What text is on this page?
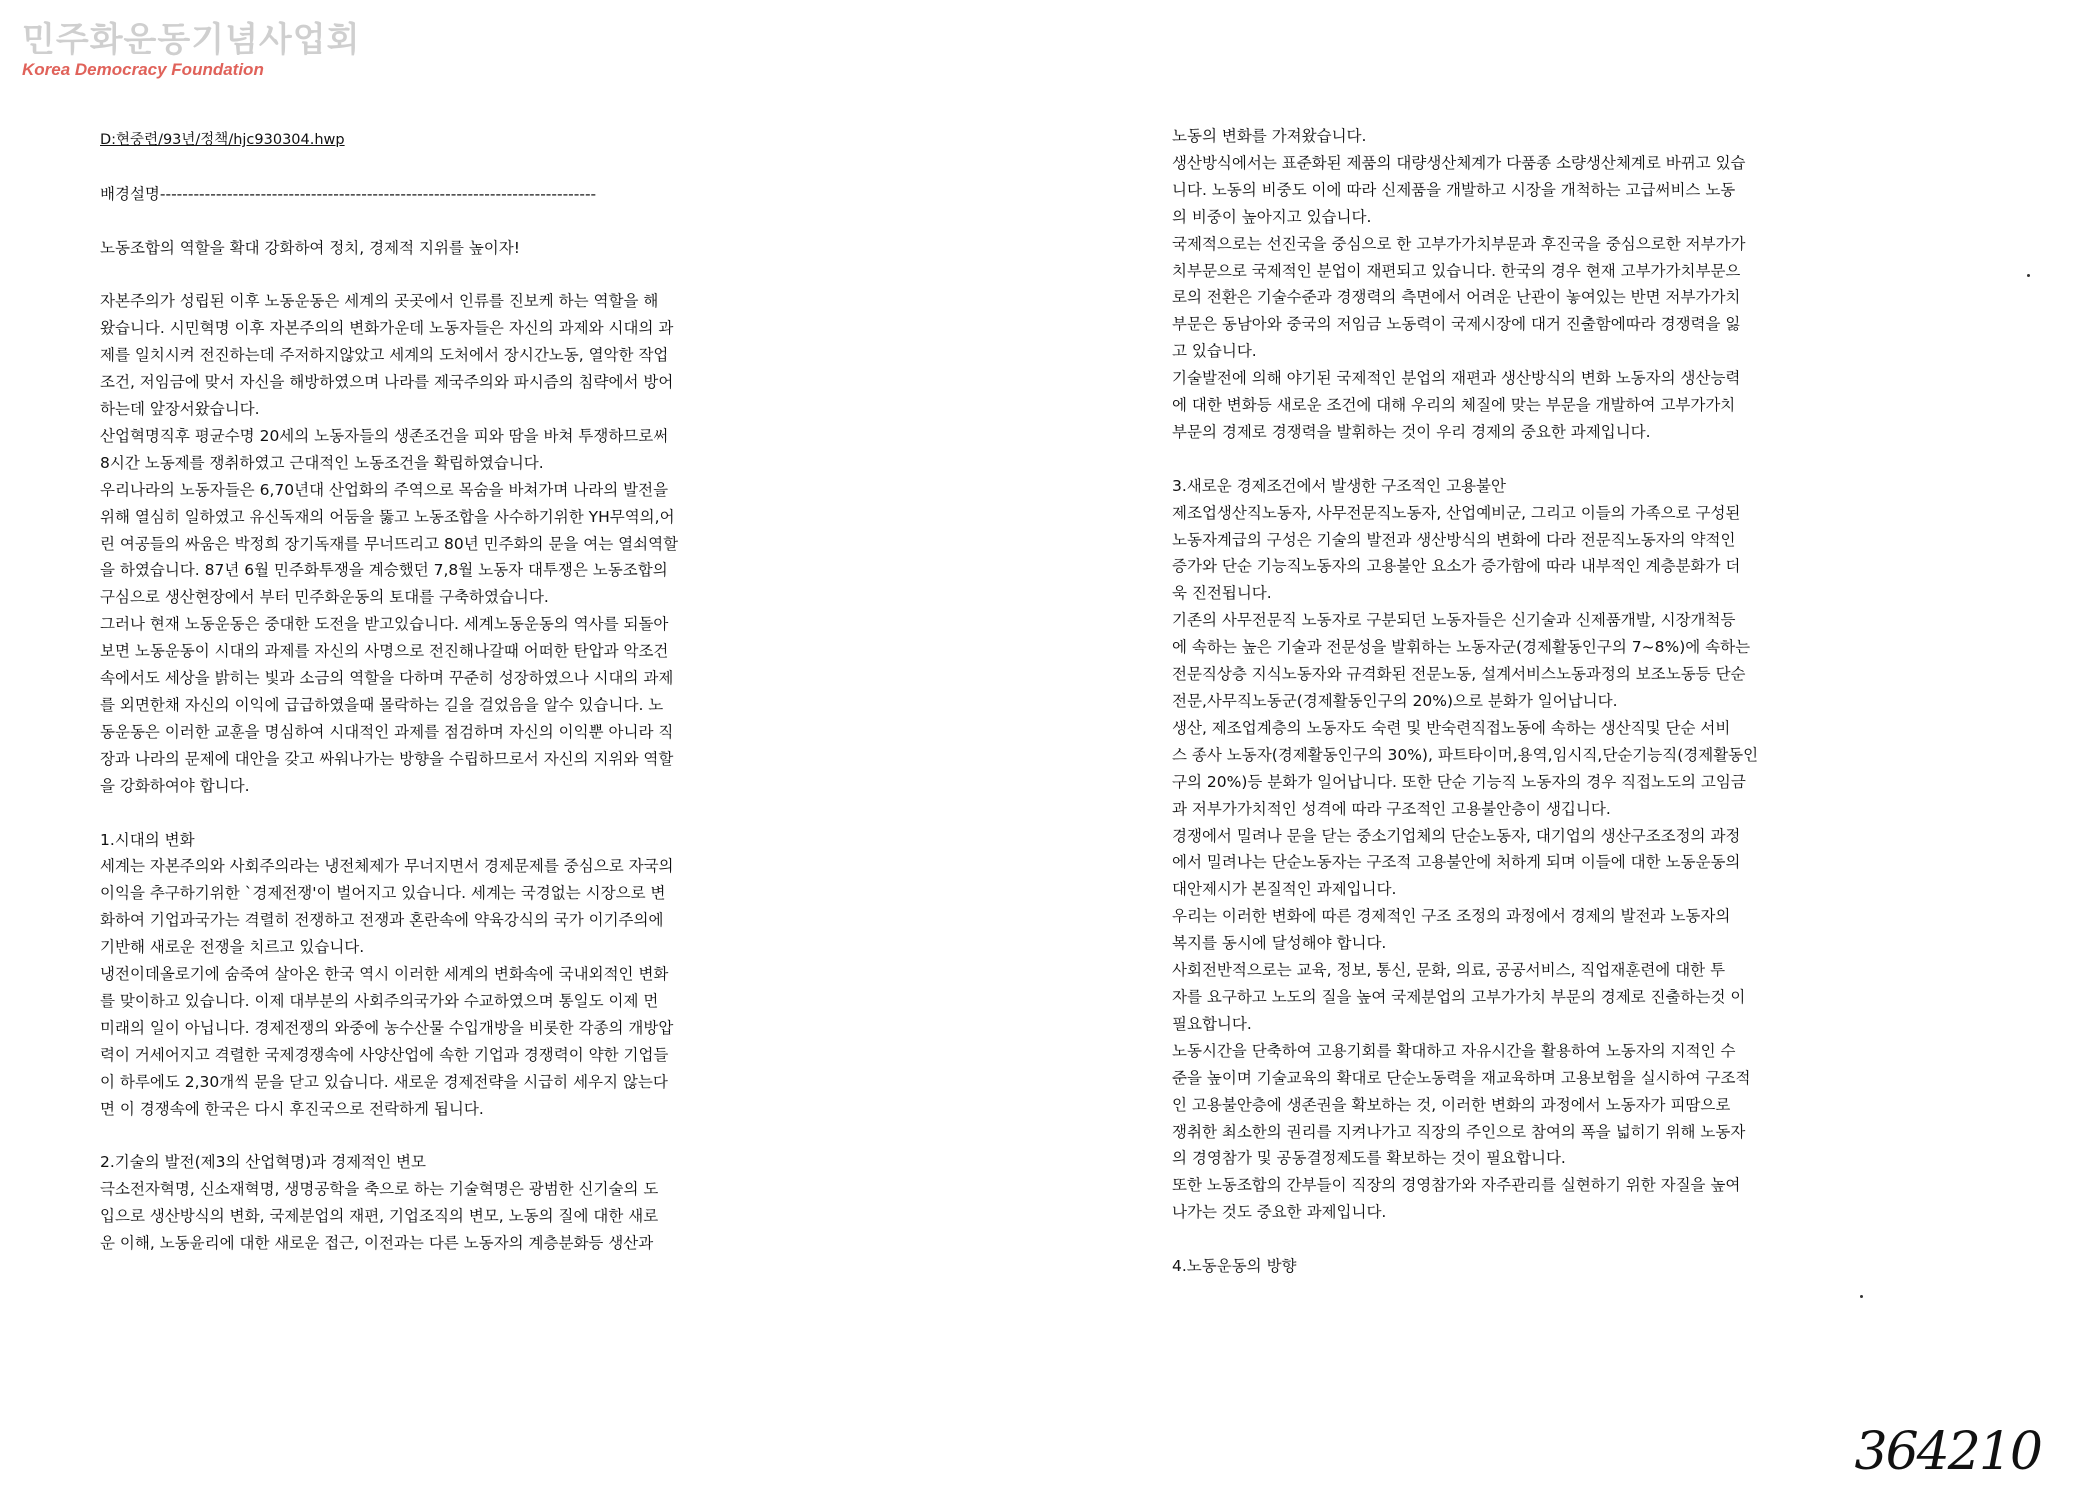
민주화운동기념사업회
Korea Democracy Foundation

D:현중련/93년/정책/hjc930304.hwp

배경설명------------------------------------------------------------------------------

노동조합의 역할을 확대 강화하여 정치, 경제적 지위를 높이자!

자본주의가 성립된 이후 노동운동은 세계의 곳곳에서 인류를 진보케 하는 역할을 해

왔습니다. 시민혁명 이후 자본주의의 변화가운데 노동자들은 자신의 과제와 시대의 과

제를 일치시켜 전진하는데 주저하지않았고 세계의 도처에서 장시간노동, 열악한 작업

조건, 저임금에 맞서 자신을 해방하였으며 나라를 제국주의와 파시즘의 침략에서 방어

하는데 앞장서왔습니다.

산업혁명직후 평균수명 20세의 노동자들의 생존조건을 피와 땀을 바쳐 투쟁하므로써

8시간 노동제를 쟁취하였고 근대적인 노동조건을 확립하였습니다.

우리나라의 노동자들은 6,70년대 산업화의 주역으로 목숨을 바쳐가며 나라의 발전을

위해 열심히 일하였고 유신독재의 어둠을 뚫고 노동조합을 사수하기위한 YH무역의,어

린 여공들의 싸움은 박정희 장기독재를 무너뜨리고 80년 민주화의 문을 여는 열쇠역할

을 하였습니다. 87년 6월 민주화투쟁을 계승했던 7,8월 노동자 대투쟁은 노동조합의

구심으로 생산현장에서 부터 민주화운동의 토대를 구축하였습니다.

그러나 현재 노동운동은 중대한 도전을 받고있습니다. 세계노동운동의 역사를 되돌아

보면 노동운동이 시대의 과제를 자신의 사명으로 전진해나갈때 어떠한 탄압과 악조건

속에서도 세상을 밝히는 빛과 소금의 역할을 다하며 꾸준히 성장하였으나 시대의 과제

를 외면한채 자신의 이익에 급급하였을때 몰락하는 길을 걸었음을 알수 있습니다. 노

동운동은 이러한 교훈을 명심하여 시대적인 과제를 점검하며 자신의 이익뿐 아니라 직

장과 나라의 문제에 대안을 갖고 싸워나가는 방향을 수립하므로서 자신의 지위와 역할

을 강화하여야 합니다.

1.시대의 변화

세계는 자본주의와 사회주의라는 냉전체제가 무너지면서 경제문제를 중심으로 자국의

이익을 추구하기위한 `경제전쟁'이 벌어지고 있습니다. 세계는 국경없는 시장으로 변

화하여 기업과국가는 격렬히 전쟁하고 전쟁과 혼란속에 약육강식의 국가 이기주의에

기반해 새로운 전쟁을 치르고 있습니다.

냉전이데올로기에 숨죽여 살아온 한국 역시 이러한 세계의 변화속에 국내외적인 변화

를 맞이하고 있습니다. 이제 대부분의 사회주의국가와 수교하였으며 통일도 이제 먼

미래의 일이 아닙니다. 경제전쟁의 와중에 농수산물 수입개방을 비롯한 각종의 개방압

력이 거세어지고 격렬한 국제경쟁속에 사양산업에 속한 기업과 경쟁력이 약한 기업들

이 하루에도 2,30개씩 문을 닫고 있습니다. 새로운 경제전략을 시급히 세우지 않는다

면 이 경쟁속에 한국은 다시 후진국으로 전락하게 됩니다.

2.기술의 발전(제3의 산업혁명)과 경제적인 변모

극소전자혁명, 신소재혁명, 생명공학을 축으로 하는 기술혁명은 광범한 신기술의 도

입으로 생산방식의 변화, 국제분업의 재편, 기업조직의 변모, 노동의 질에 대한 새로

운 이해, 노동윤리에 대한 새로운 접근, 이전과는 다른 노동자의 계층분화등 생산과

노동의 변화를 가져왔습니다.

생산방식에서는 표준화된 제품의 대량생산체계가 다품종 소량생산체계로 바뀌고 있습

니다. 노동의 비중도 이에 따라 신제품을 개발하고 시장을 개척하는 고급써비스 노동

의 비중이 높아지고 있습니다.

국제적으로는 선진국을 중심으로 한 고부가가치부문과 후진국을 중심으로한 저부가가

치부문으로 국제적인 분업이 재편되고 있습니다. 한국의 경우 현재 고부가가치부문으

로의 전환은 기술수준과 경쟁력의 측면에서 어려운 난관이 놓여있는 반면 저부가가치

부문은 동남아와 중국의 저임금 노동력이 국제시장에 대거 진출함에따라 경쟁력을 잃

고 있습니다.

기술발전에 의해 야기된 국제적인 분업의 재편과 생산방식의 변화 노동자의 생산능력

에 대한 변화등 새로운 조건에 대해 우리의 체질에 맞는 부문을 개발하여 고부가가치

부문의 경제로 경쟁력을 발휘하는 것이 우리 경제의 중요한 과제입니다.

3.새로운 경제조건에서 발생한 구조적인 고용불안

제조업생산직노동자, 사무전문직노동자, 산업예비군, 그리고 이들의 가족으로 구성된

노동자계급의 구성은 기술의 발전과 생산방식의 변화에 다라 전문직노동자의 약적인

증가와 단순 기능직노동자의 고용불안 요소가 증가함에 따라 내부적인 계층분화가 더

욱 진전됩니다.

기존의 사무전문직 노동자로 구분되던 노동자들은 신기술과 신제품개발, 시장개척등

에 속하는 높은 기술과 전문성을 발휘하는 노동자군(경제활동인구의 7~8%)에 속하는

전문직상층 지식노동자와 규격화된 전문노동, 설계서비스노동과정의 보조노동등 단순

전문,사무직노동군(경제활동인구의 20%)으로 분화가 일어납니다.

생산, 제조업계층의 노동자도 숙련 및 반숙련직접노동에 속하는 생산직및 단순 서비

스 종사 노동자(경제활동인구의 30%), 파트타이머,용역,임시직,단순기능직(경제활동인

구의 20%)등 분화가 일어납니다. 또한 단순 기능직 노동자의 경우 직접노도의 고임금

과 저부가가치적인 성격에 따라 구조적인 고용불안층이 생깁니다.

경쟁에서 밀려나 문을 닫는 중소기업체의 단순노동자, 대기업의 생산구조조정의 과정

에서 밀려나는 단순노동자는 구조적 고용불안에 처하게 되며 이들에 대한 노동운동의

대안제시가 본질적인 과제입니다.

우리는 이러한 변화에 따른 경제적인 구조 조정의 과정에서 경제의 발전과 노동자의

복지를 동시에 달성해야 합니다.

사회전반적으로는 교육, 정보, 통신, 문화, 의료, 공공서비스, 직업재훈련에 대한 투

자를 요구하고 노도의 질을 높여 국제분업의 고부가가치 부문의 경제로 진출하는것 이

필요합니다.

노동시간을 단축하여 고용기회를 확대하고 자유시간을 활용하여 노동자의 지적인 수

준을 높이며 기술교육의 확대로 단순노동력을 재교육하며 고용보험을 실시하여 구조적

인 고용불안층에 생존권을 확보하는 것, 이러한 변화의 과정에서 노동자가 피땀으로

쟁취한 최소한의 권리를 지켜나가고 직장의 주인으로 참여의 폭을 넓히기 위해 노동자

의 경영참가 및 공동결정제도를 확보하는 것이 필요합니다.

또한 노동조합의 간부들이 직장의 경영참가와 자주관리를 실현하기 위한 자질을 높여

나가는 것도 중요한 과제입니다.

4.노동운동의 방향

364210
